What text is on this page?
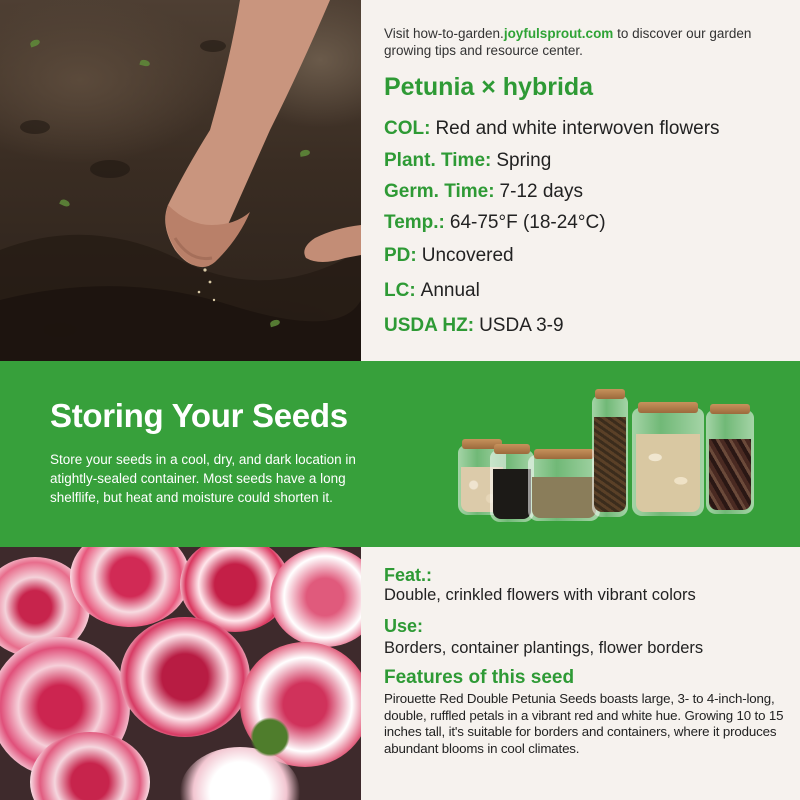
Visit how-to-garden.joyfulsprout.com to discover our garden growing tips and resource center.
Petunia × hybrida
COL: Red and white interwoven flowers
Plant. Time: Spring
Germ. Time: 7-12 days
Temp.: 64-75°F (18-24°C)
PD: Uncovered
LC: Annual
USDA HZ: USDA 3-9
Storing Your Seeds
Store your seeds in a cool, dry, and dark location in atightly-sealed container. Most seeds have a long shelflife, but heat and moisture could shorten it.
Feat.:
Double, crinkled flowers with vibrant colors
Use:
Borders, container plantings, flower borders
Features of this seed
Pirouette Red Double Petunia Seeds boasts large, 3- to 4-inch-long, double, ruffled petals in a vibrant red and white hue. Growing 10 to 15 inches tall, it's suitable for borders and containers, where it produces abundant blooms in cool climates.
